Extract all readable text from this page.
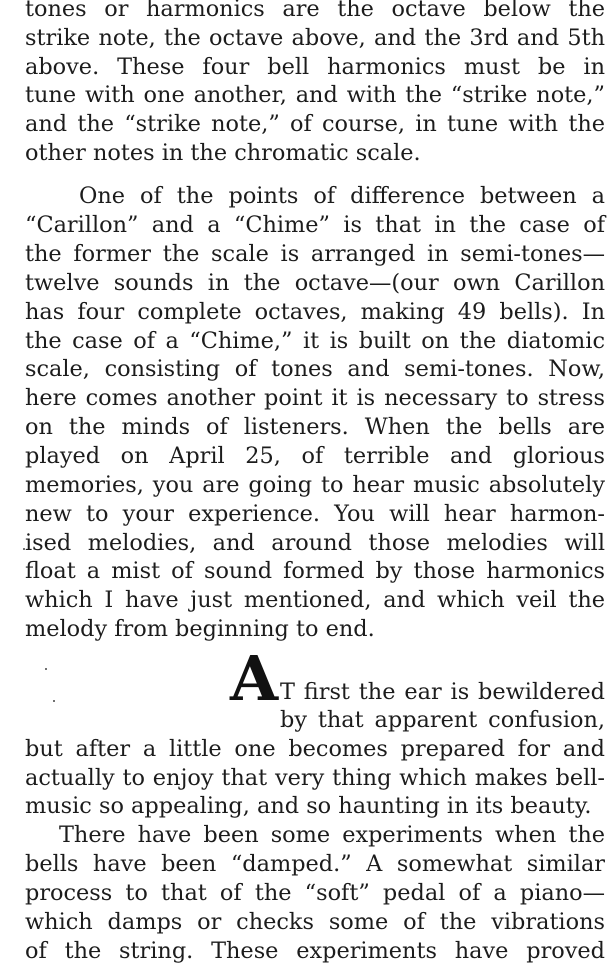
tones or harmonics are the octave below the
strike note, the octave above, and the 3rd and 5th
above. These four bell harmonics must be in
tune with one another, and with the “strike note,”
and the “strike note,” of course, in tune with the
other notes in the chromatic scale.
One of the points of difference between a
“Carillon” and a “Chime” is that in the case of
the former the scale is arranged in semi-tones—
twelve sounds in the octave—(our own Carillon
has four complete octaves, making 49 bells). In
the case of a “Chime,” it is built on the diatomic
scale, consisting of tones and semi-tones. Now,
here comes another point it is necessary to stress
on the minds of listeners. When the bells are
played on April 25, of terrible and glorious
memories, you are going to hear music absolutely
new to your experience. You will hear harmon-
ised melodies, and around those melodies will
float a mist of sound formed by those harmonics
which I have just mentioned, and which veil the
melody from beginning to end.
A T first the ear is bewildered
by that apparent confusion,
but after a little one becomes prepared for and
actually to enjoy that very thing which makes bell-
music so appealing, and so haunting in its beauty.
There have been some experiments when the
bells have been “damped.” A somewhat similar
process to that of the “soft” pedal of a piano—
which damps or checks some of the vibrations
of the string. These experiments have proved
